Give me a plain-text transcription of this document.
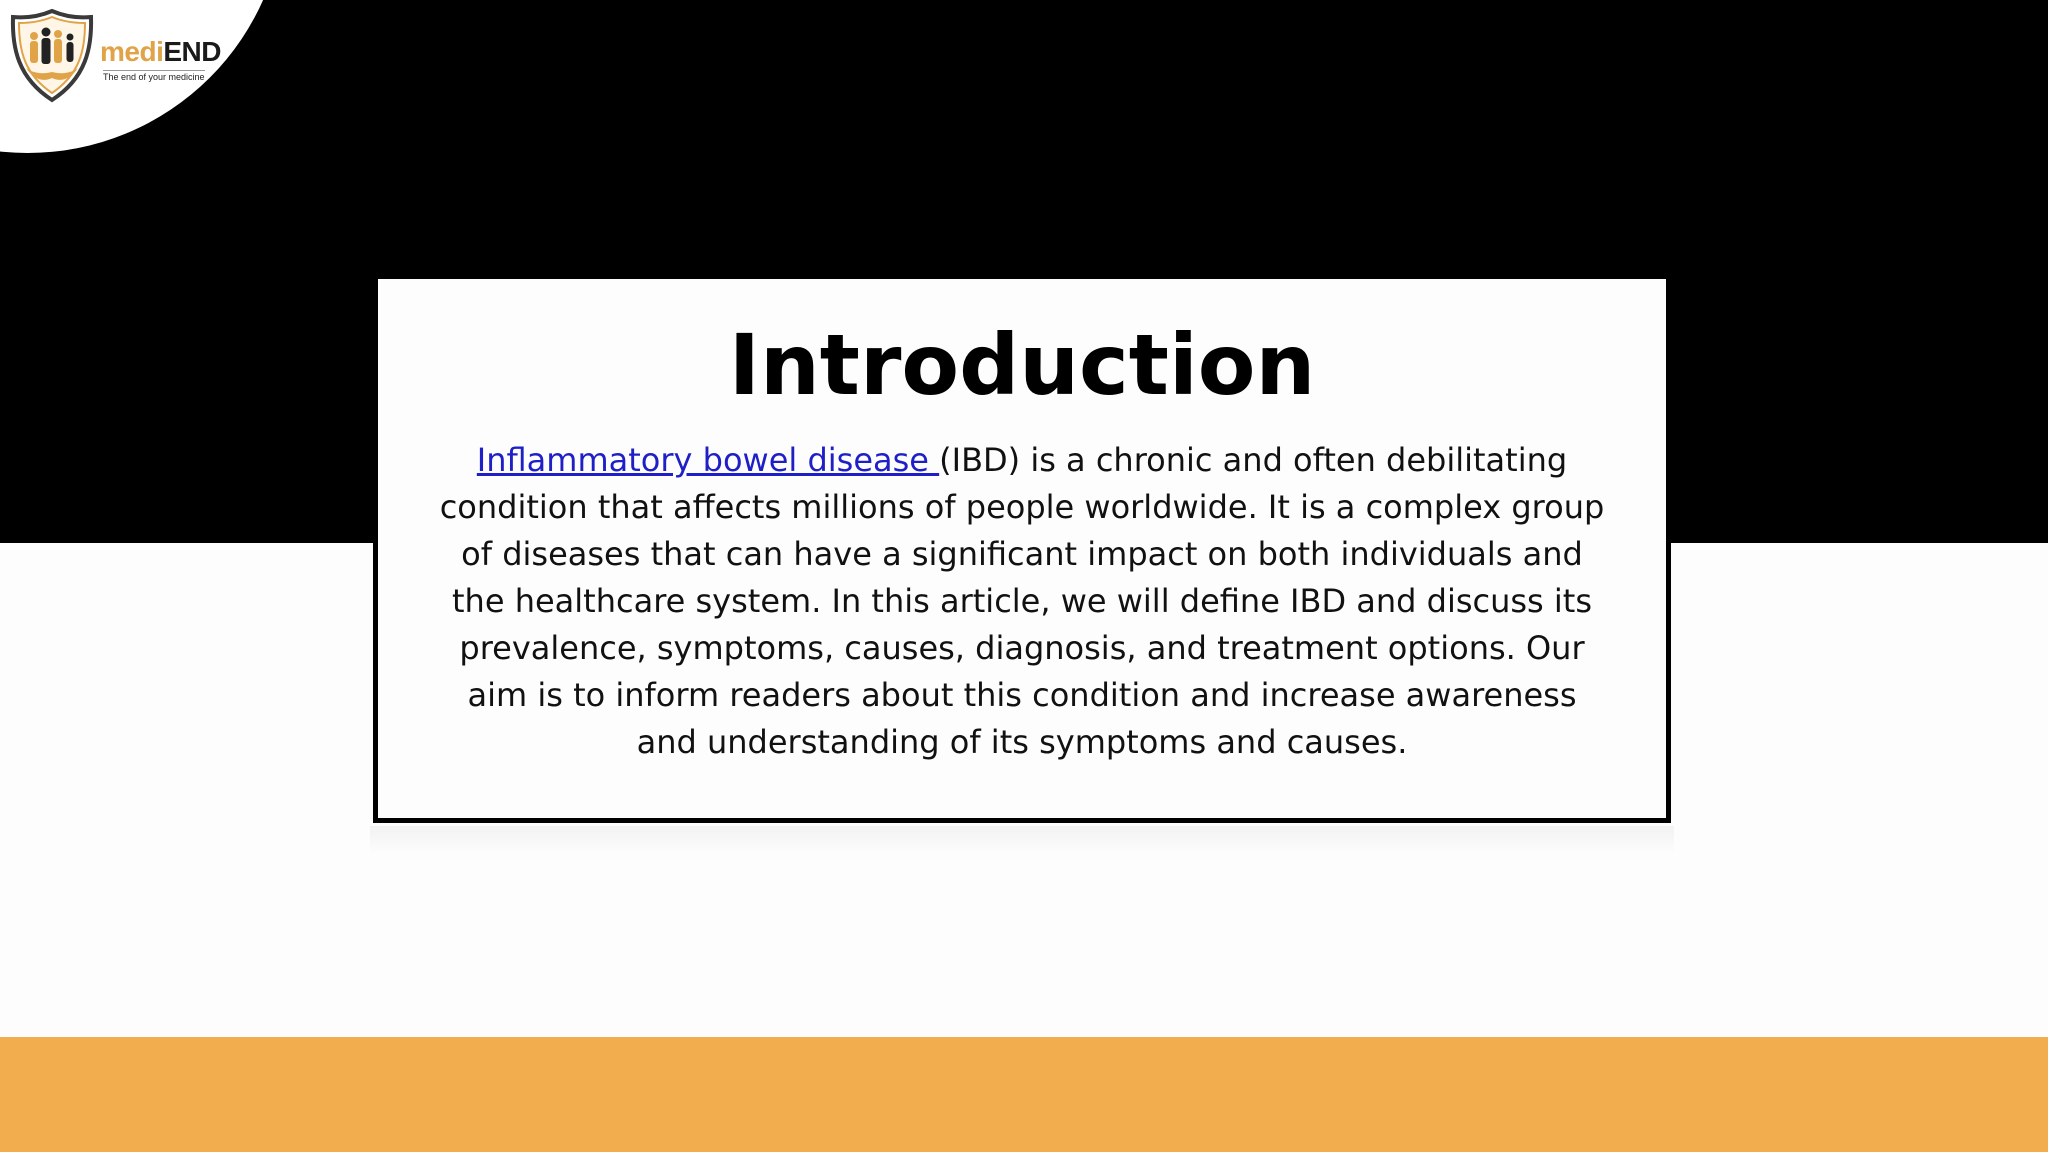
mediEND
The end of your medicine
Introduction

Inflammatory bowel disease (IBD) is a chronic and often debilitating condition that affects millions of people worldwide. It is a complex group of diseases that can have a significant impact on both individuals and the healthcare system. In this article, we will define IBD and discuss its prevalence, symptoms, causes, diagnosis, and treatment options. Our aim is to inform readers about this condition and increase awareness and understanding of its symptoms and causes.
